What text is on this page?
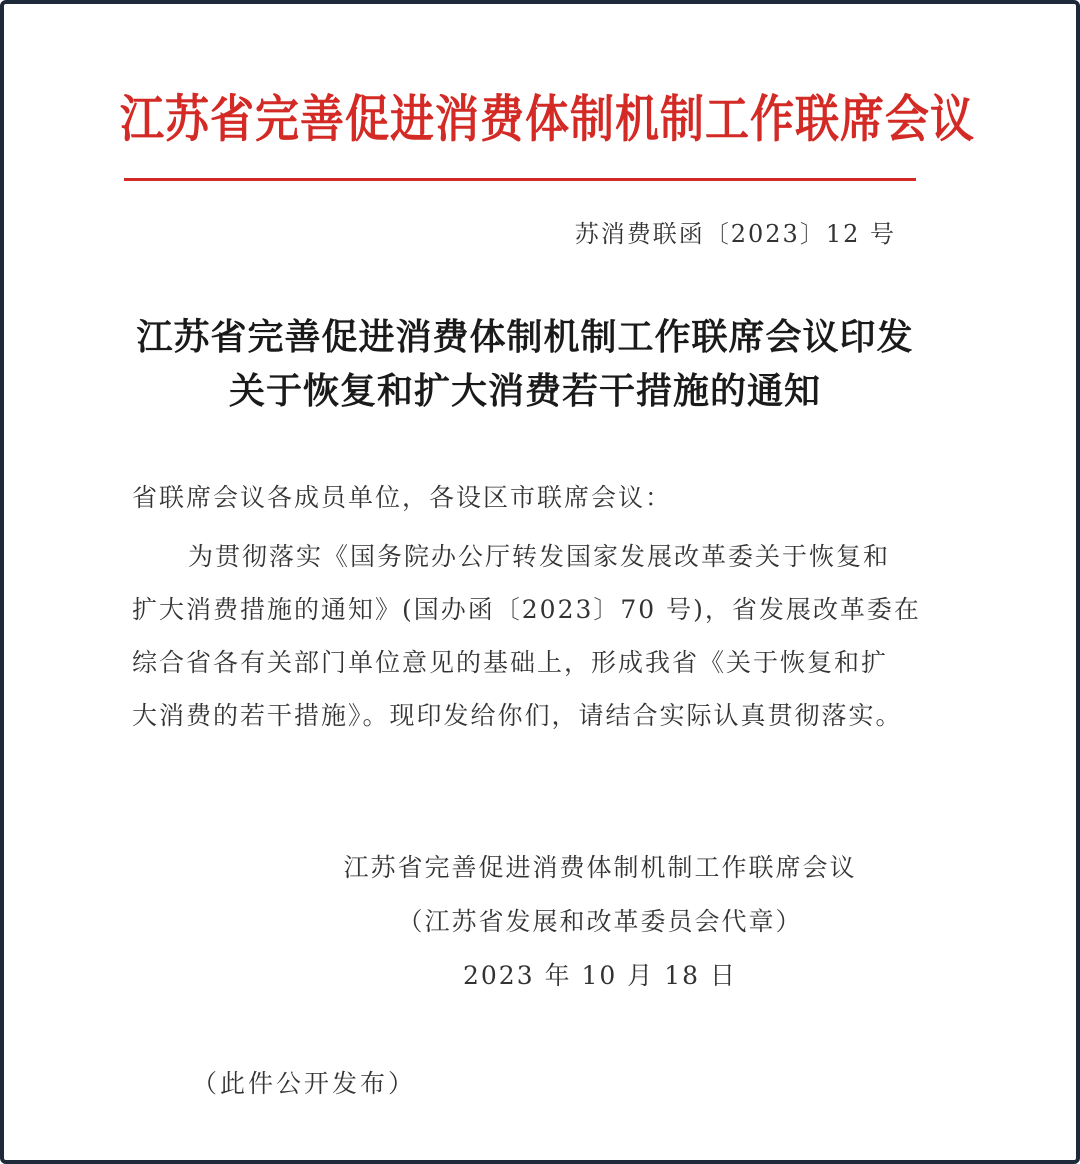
江苏省完善促进消费体制机制工作联席会议
苏消费联函〔2023〕12 号
江苏省完善促进消费体制机制工作联席会议印发
关于恢复和扩大消费若干措施的通知
省联席会议各成员单位，各设区市联席会议：
为贯彻落实《国务院办公厅转发国家发展改革委关于恢复和
扩大消费措施的通知》(国办函〔2023〕70 号)，省发展改革委在
综合省各有关部门单位意见的基础上，形成我省《关于恢复和扩
大消费的若干措施》。现印发给你们，请结合实际认真贯彻落实。
江苏省完善促进消费体制机制工作联席会议
（江苏省发展和改革委员会代章）
2023 年 10 月 18 日
（此件公开发布）
